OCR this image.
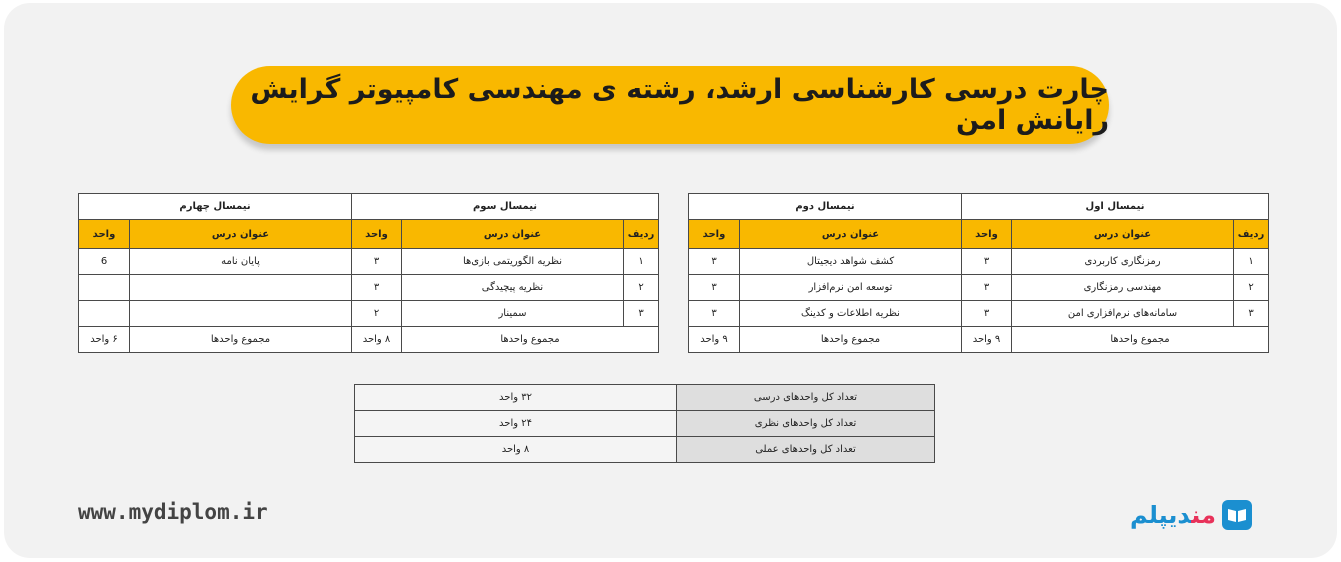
چارت درسی کارشناسی ارشد، رشته ی مهندسی کامپیوتر گرایش رایانش امن
نیمسال اول			نیمسال دوم	
ردیف	عنوان درس	واحد	عنوان درس	واحد
۱	رمزنگاری کاربردی	۳	کشف شواهد دیجیتال	۳
۲	مهندسی رمزنگاری	۳	توسعه امن نرم‌افزار	۳
۳	سامانه‌های نرم‌افزاری امن	۳	نظریه اطلاعات و کدینگ	۳
مجموع واحدها		۹ واحد	مجموع واحدها	۹ واحد
نیمسال سوم			نیمسال چهارم	
ردیف	عنوان درس	واحد	عنوان درس	واحد
۱	نظریه الگوریتمی بازی‌ها	۳	پایان نامه	6
۲	نظریه پیچیدگی	۳		
۳	سمینار	۲		
مجموع واحدها		۸ واحد	مجموع واحدها	۶ واحد
تعداد کل واحدهای درسی	۳۲ واحد
تعداد کل واحدهای نظری	۲۴ واحد
تعداد کل واحدهای عملی	۸ واحد
www.mydiplom.ir	مندیپلم
